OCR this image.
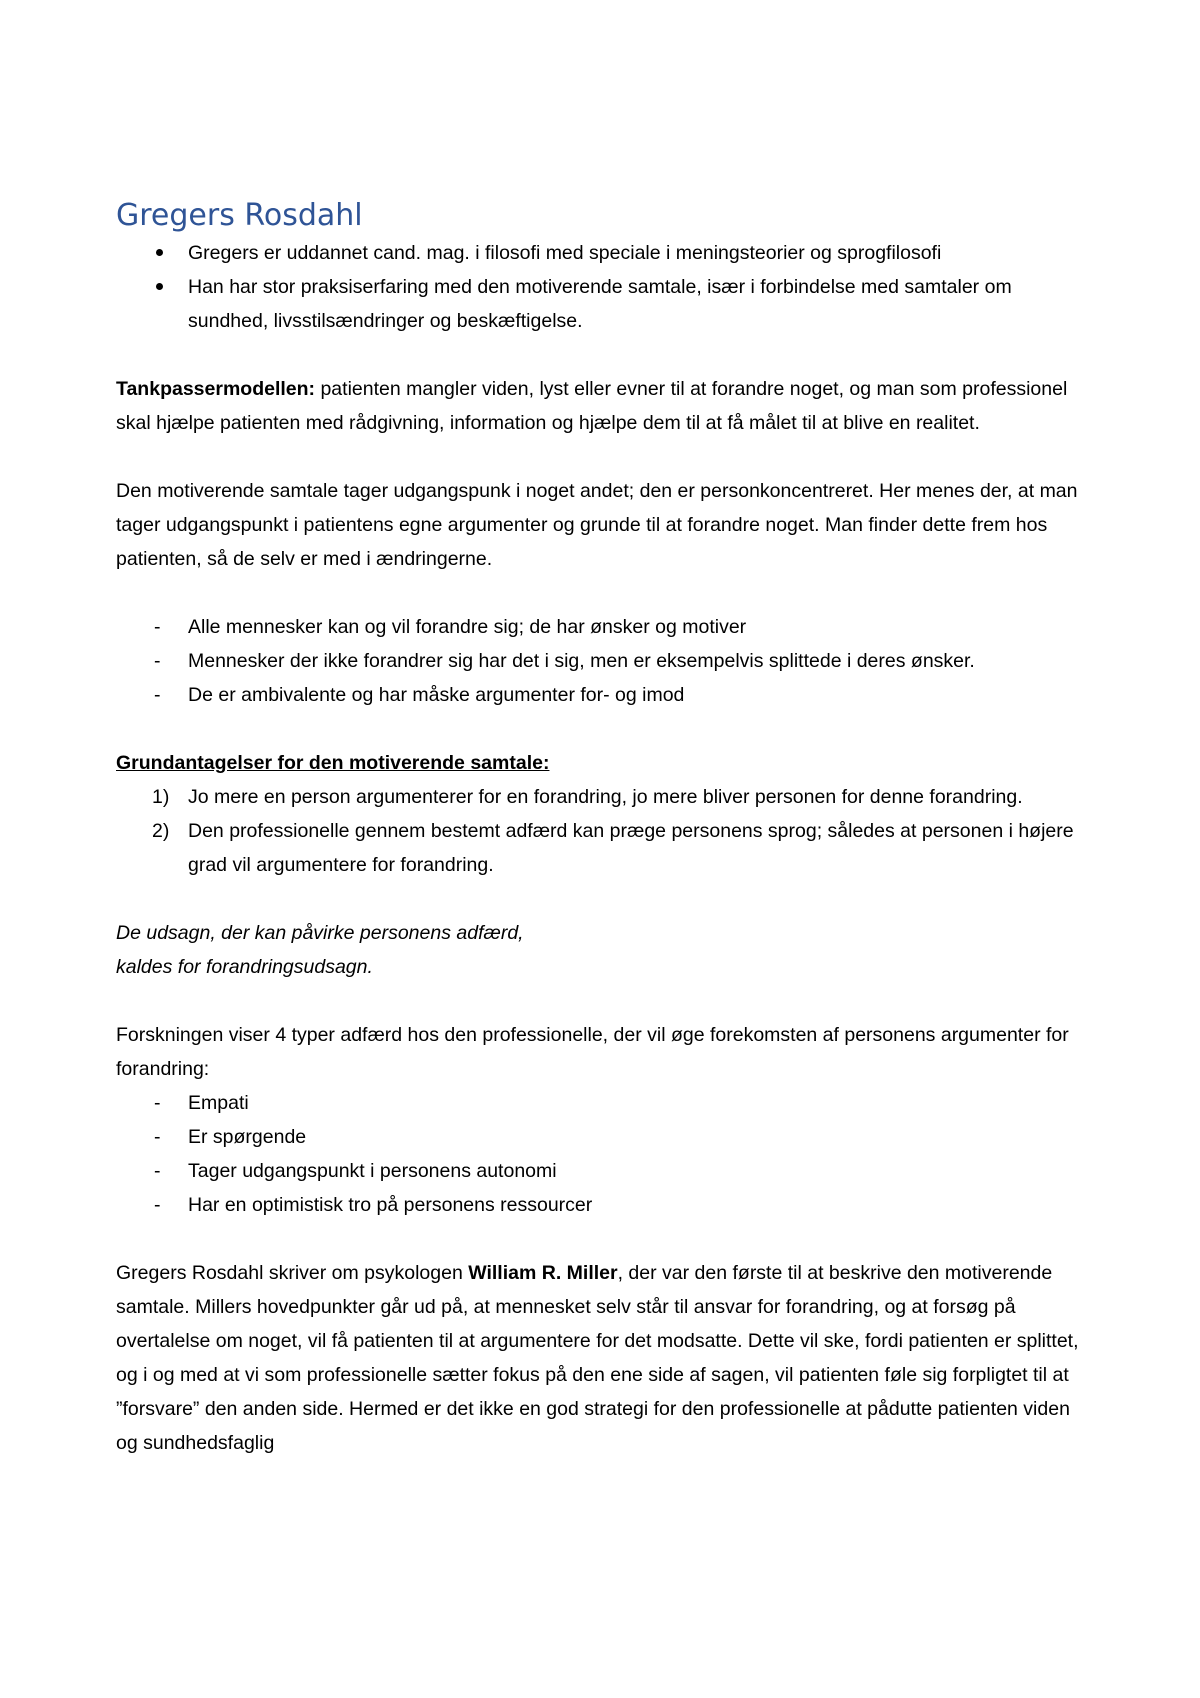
Gregers Rosdahl
Gregers er uddannet cand. mag. i filosofi med speciale i meningsteorier og sprogfilosofi
Han har stor praksiserfaring med den motiverende samtale, især i forbindelse med samtaler om sundhed, livsstilsændringer og beskæftigelse.

Tankpassermodellen: patienten mangler viden, lyst eller evner til at forandre noget, og man som professionel skal hjælpe patienten med rådgivning, information og hjælpe dem til at få målet til at blive en realitet.

Den motiverende samtale tager udgangspunk i noget andet; den er personkoncentreret. Her menes der, at man tager udgangspunkt i patientens egne argumenter og grunde til at forandre noget. Man finder dette frem hos patienten, så de selv er med i ændringerne.

Alle mennesker kan og vil forandre sig; de har ønsker og motiver
Mennesker der ikke forandrer sig har det i sig, men er eksempelvis splittede i deres ønsker.
De er ambivalente og har måske argumenter for- og imod

Grundantagelser for den motiverende samtale:

1) Jo mere en person argumenterer for en forandring, jo mere bliver personen for denne forandring.
2) Den professionelle gennem bestemt adfærd kan præge personens sprog; således at personen i højere grad vil argumentere for forandring.

De udsagn, der kan påvirke personens adfærd,

kaldes for forandringsudsagn.

Forskningen viser 4 typer adfærd hos den professionelle, der vil øge forekomsten af personens argumenter for forandring:

Empati
Er spørgende
Tager udgangspunkt i personens autonomi
Har en optimistisk tro på personens ressourcer

Gregers Rosdahl skriver om psykologen William R. Miller, der var den første til at beskrive den motiverende samtale. Millers hovedpunkter går ud på, at mennesket selv står til ansvar for forandring, og at forsøg på overtalelse om noget, vil få patienten til at argumentere for det modsatte. Dette vil ske, fordi patienten er splittet, og i og med at vi som professionelle sætter fokus på den ene side af sagen, vil patienten føle sig forpligtet til at ”forsvare” den anden side. Hermed er det ikke en god strategi for den professionelle at pådutte patienten viden og sundhedsfaglig
